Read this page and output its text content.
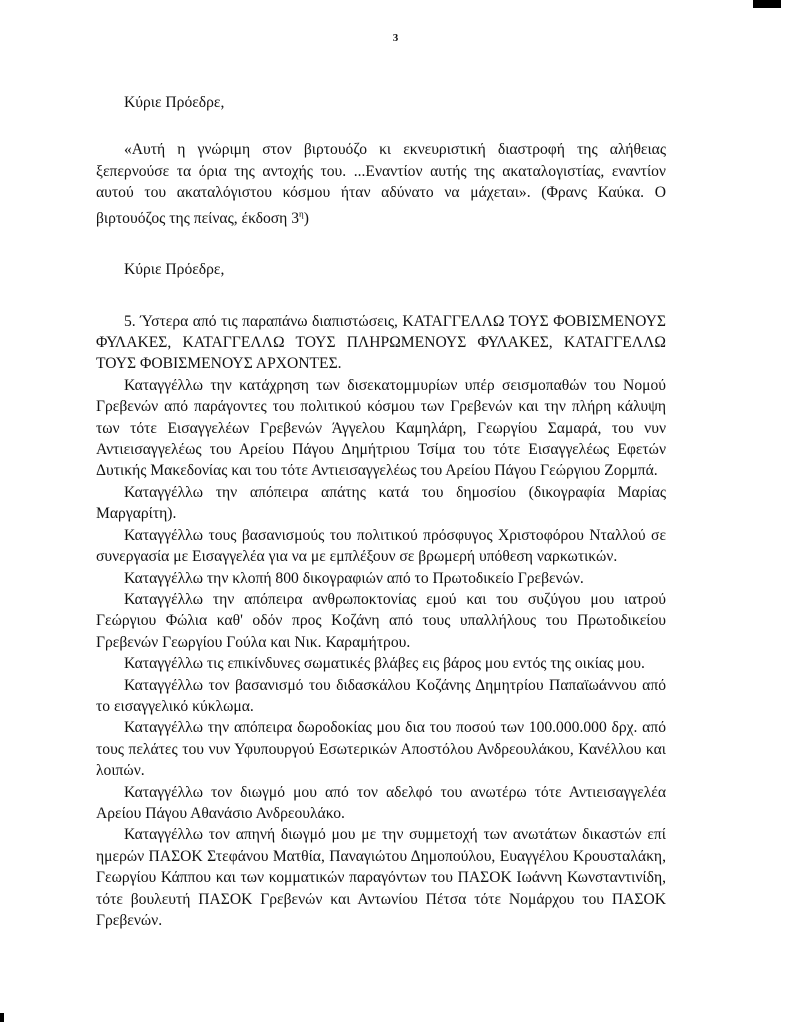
3

Κύριε Πρόεδρε,

«Αυτή η γνώριμη στον βιρτουόζο κι εκνευριστική διαστροφή της αλήθειας ξεπερνούσε τα όρια της αντοχής του. ...Εναντίον αυτής της ακαταλογιστίας, εναντίον αυτού του ακαταλόγιστου κόσμου ήταν αδύνατο να μάχεται». (Φρανς Καύκα. Ο βιρτουόζος της πείνας, έκδοση $3^\eta$)

Κύριε Πρόεδρε,

5. Ύστερα από τις παραπάνω διαπιστώσεις, ΚΑΤΑΓΓΕΛΛΩ ΤΟΥΣ ΦΟΒΙΣΜΕΝΟΥΣ ΦΥΛΑΚΕΣ, ΚΑΤΑΓΓΕΛΛΩ ΤΟΥΣ ΠΛΗΡΩΜΕΝΟΥΣ ΦΥΛΑΚΕΣ, ΚΑΤΑΓΓΕΛΛΩ ΤΟΥΣ ΦΟΒΙΣΜΕΝΟΥΣ ΑΡΧΟΝΤΕΣ.

Καταγγέλλω την κατάχρηση των δισεκατομμυρίων υπέρ σεισμοπαθών του Νομού Γρεβενών από παράγοντες του πολιτικού κόσμου των Γρεβενών και την πλήρη κάλυψη των τότε Εισαγγελέων Γρεβενών Άγγελου Καμηλάρη, Γεωργίου Σαμαρά, του νυν Αντιεισαγγελέως του Αρείου Πάγου Δημήτριου Τσίμα του τότε Εισαγγελέως Εφετών Δυτικής Μακεδονίας και του τότε Αντιεισαγγελέως του Αρείου Πάγου Γεώργιου Ζορμπά.

Καταγγέλλω την απόπειρα απάτης κατά του δημοσίου (δικογραφία Μαρίας Μαργαρίτη).

Καταγγέλλω τους βασανισμούς του πολιτικού πρόσφυγος Χριστοφόρου Νταλλού σε συνεργασία με Εισαγγελέα για να με εμπλέξουν σε βρωμερή υπόθεση ναρκωτικών.

Καταγγέλλω την κλοπή 800 δικογραφιών από το Πρωτοδικείο Γρεβενών.

Καταγγέλλω την απόπειρα ανθρωποκτονίας εμού και του συζύγου μου ιατρού Γεώργιου Φώλια καθ' οδόν προς Κοζάνη από τους υπαλλήλους του Πρωτοδικείου Γρεβενών Γεωργίου Γούλα και Νικ. Καραμήτρου.

Καταγγέλλω τις επικίνδυνες σωματικές βλάβες εις βάρος μου εντός της οικίας μου.

Καταγγέλλω τον βασανισμό του διδασκάλου Κοζάνης Δημητρίου Παπαϊωάννου από το εισαγγελικό κύκλωμα.

Καταγγέλλω την απόπειρα δωροδοκίας μου δια του ποσού των 100.000.000 δρχ. από τους πελάτες του νυν Υφυπουργού Εσωτερικών Αποστόλου Ανδρεουλάκου, Κανέλλου και λοιπών.

Καταγγέλλω τον διωγμό μου από τον αδελφό του ανωτέρω τότε Αντιεισαγγελέα Αρείου Πάγου Αθανάσιο Ανδρεουλάκο.

Καταγγέλλω τον απηνή διωγμό μου με την συμμετοχή των ανωτάτων δικαστών επί ημερών ΠΑΣΟΚ Στεφάνου Ματθία, Παναγιώτου Δημοπούλου, Ευαγγέλου Κρουσταλάκη, Γεωργίου Κάππου και των κομματικών παραγόντων του ΠΑΣΟΚ Ιωάννη Κωνσταντινίδη, τότε βουλευτή ΠΑΣΟΚ Γρεβενών και Αντωνίου Πέτσα τότε Νομάρχου του ΠΑΣΟΚ Γρεβενών.
